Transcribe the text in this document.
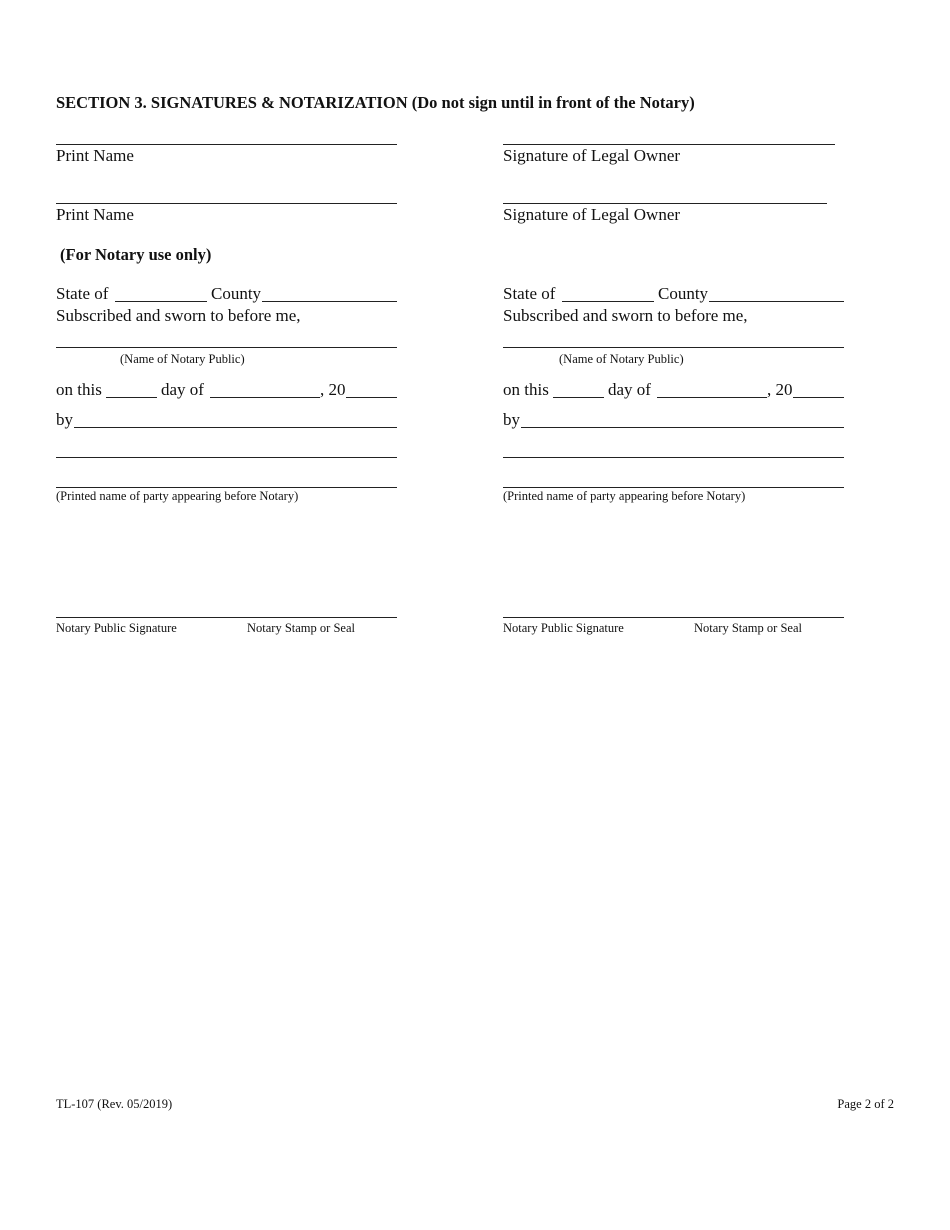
SECTION 3. SIGNATURES & NOTARIZATION (Do not sign until in front of the Notary)
Print Name	Signature of Legal Owner
Print Name	Signature of Legal Owner
(For Notary use only)
State of	County
Subscribed and sworn to before me,
(Name of Notary Public)
on this	day of	, 20
by
(Printed name of party appearing before Notary)
Notary Public Signature	Notary Stamp or Seal
State of	County
Subscribed and sworn to before me,
(Name of Notary Public)
on this	day of	, 20
by
(Printed name of party appearing before Notary)
Notary Public Signature	Notary Stamp or Seal
TL-107 (Rev. 05/2019)	Page 2 of 2
